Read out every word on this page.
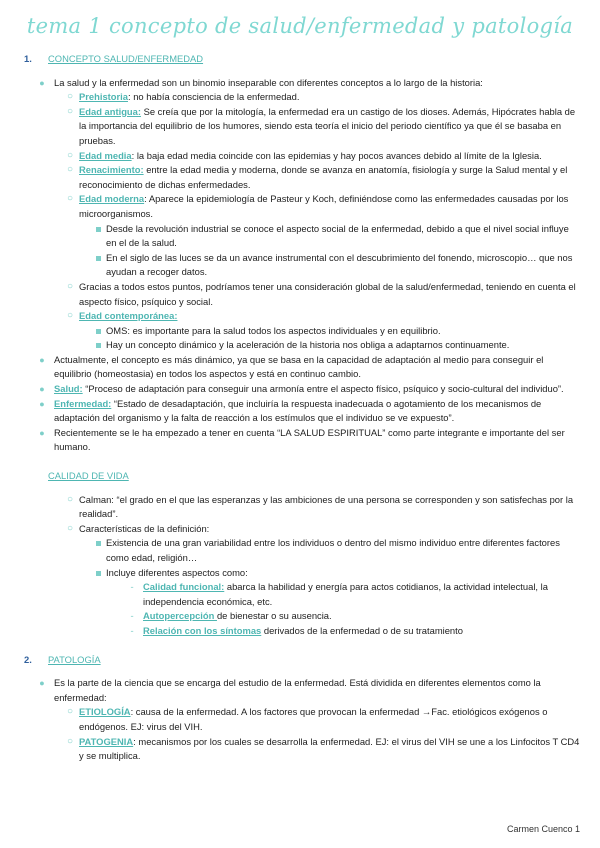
tema 1 concepto de salud/enfermedad y patología
1.	CONCEPTO SALUD/ENFERMEDAD
● La salud y la enfermedad son un binomio inseparable con diferentes conceptos a lo largo de la historia:
○ Prehistoria: no había consciencia de la enfermedad.
○ Edad antigua: Se creía que por la mitología, la enfermedad era un castigo de los dioses. Además, Hipócrates habla de la importancia del equilibrio de los humores, siendo esta teoría el inicio del periodo científico ya que él se basaba en pruebas.
○ Edad media: la baja edad media coincide con las epidemias y hay pocos avances debido al límite de la Iglesia.
○ Renacimiento: entre la edad media y moderna, donde se avanza en anatomía, fisiología y surge la Salud mental y el reconocimiento de dichas enfermedades.
○ Edad moderna: Aparece la epidemiología de Pasteur y Koch, definiéndose como las enfermedades causadas por los microorganismos.
Desde la revolución industrial se conoce el aspecto social de la enfermedad, debido a que el nivel social influye en el de la salud.
En el siglo de las luces se da un avance instrumental con el descubrimiento del fonendo, microscopio… que nos ayudan a recoger datos.
○ Gracias a todos estos puntos, podríamos tener una consideración global de la salud/enfermedad, teniendo en cuenta el aspecto físico, psíquico y social.
○ Edad contemporánea:
OMS: es importante para la salud todos los aspectos individuales y en equilibrio.
Hay un concepto dinámico y la aceleración de la historia nos obliga a adaptarnos continuamente.
● Actualmente, el concepto es más dinámico, ya que se basa en la capacidad de adaptación al medio para conseguir el equilibrio (homeostasia) en todos los aspectos y está en continuo cambio.
● Salud: “Proceso de adaptación para conseguir una armonía entre el aspecto físico, psíquico y socio-cultural del individuo”.
● Enfermedad: “Estado de desadaptación, que incluiría la respuesta inadecuada o agotamiento de los mecanismos de adaptación del organismo y la falta de reacción a los estímulos que el individuo se ve expuesto”.
● Recientemente se le ha empezado a tener en cuenta “LA SALUD ESPIRITUAL” como parte integrante e importante del ser humano.
CALIDAD DE VIDA
○ Calman: “el grado en el que las esperanzas y las ambiciones de una persona se corresponden y son satisfechas por la realidad”.
○ Características de la definición:
Existencia de una gran variabilidad entre los individuos o dentro del mismo individuo entre diferentes factores como edad, religión…
Incluye diferentes aspectos como:
-	Calidad funcional: abarca la habilidad y energía para actos cotidianos, la actividad intelectual, la independencia económica, etc.
-	Autopercepción de bienestar o su ausencia.
-	Relación con los síntomas derivados de la enfermedad o de su tratamiento
2.	PATOLOGÍA
● Es la parte de la ciencia que se encarga del estudio de la enfermedad. Está dividida en diferentes elementos como la enfermedad:
○ ETIOLOGÍA: causa de la enfermedad. A los factores que provocan la enfermedad →Fac. etiológicos exógenos o endógenos. EJ: virus del VIH.
○ PATOGENIA: mecanismos por los cuales se desarrolla la enfermedad. EJ: el virus del VIH se une a los Linfocitos T CD4 y se multiplica.
Carmen Cuenco 1
